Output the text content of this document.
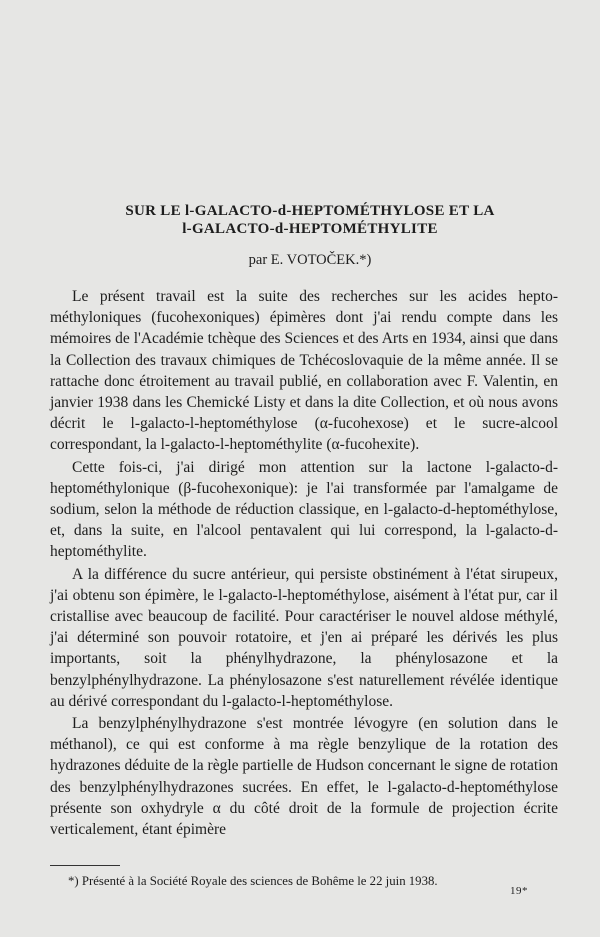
SUR LE l-GALACTO-d-HEPTOMÉTHYLOSE ET LA
l-GALACTO-d-HEPTOMÉTHYLITE
par E. VOTOČEK.*)

Le présent travail est la suite des recherches sur les acides hepto-méthyloniques (fucohexoniques) épimères dont j'ai rendu compte dans les mémoires de l'Académie tchèque des Sciences et des Arts en 1934, ainsi que dans la Collection des travaux chimiques de Tchécoslovaquie de la même année. Il se rattache donc étroitement au travail publié, en collaboration avec F. Valentin, en janvier 1938 dans les Chemické Listy et dans la dite Collection, et où nous avons décrit le l-galacto-l-heptométhylose (α-fucohexose) et le sucre-alcool correspondant, la l-galacto-l-heptométhylite (α-fucohexite).

Cette fois-ci, j'ai dirigé mon attention sur la lactone l-galacto-d-heptométhylonique (β-fucohexonique): je l'ai transformée par l'amalgame de sodium, selon la méthode de réduction classique, en l-galacto-d-heptométhylose, et, dans la suite, en l'alcool pentavalent qui lui correspond, la l-galacto-d-heptométhylite.

A la différence du sucre antérieur, qui persiste obstinément à l'état sirupeux, j'ai obtenu son épimère, le l-galacto-l-heptométhylose, aisément à l'état pur, car il cristallise avec beaucoup de facilité. Pour caractériser le nouvel aldose méthylé, j'ai déterminé son pouvoir rotatoire, et j'en ai préparé les dérivés les plus importants, soit la phénylhydrazone, la phénylosazone et la benzylphénylhydrazone. La phénylosazone s'est naturellement révélée identique au dérivé correspondant du l-galacto-l-heptométhylose.

La benzylphénylhydrazone s'est montrée lévogyre (en solution dans le méthanol), ce qui est conforme à ma règle benzylique de la rotation des hydrazones déduite de la règle partielle de Hudson concernant le signe de rotation des benzylphénylhydrazones sucrées. En effet, le l-galacto-d-heptométhylose présente son oxhydryle α du côté droit de la formule de projection écrite verticalement, étant épimère

*) Présenté à la Société Royale des sciences de Bohême le 22 juin 1938.
19*
